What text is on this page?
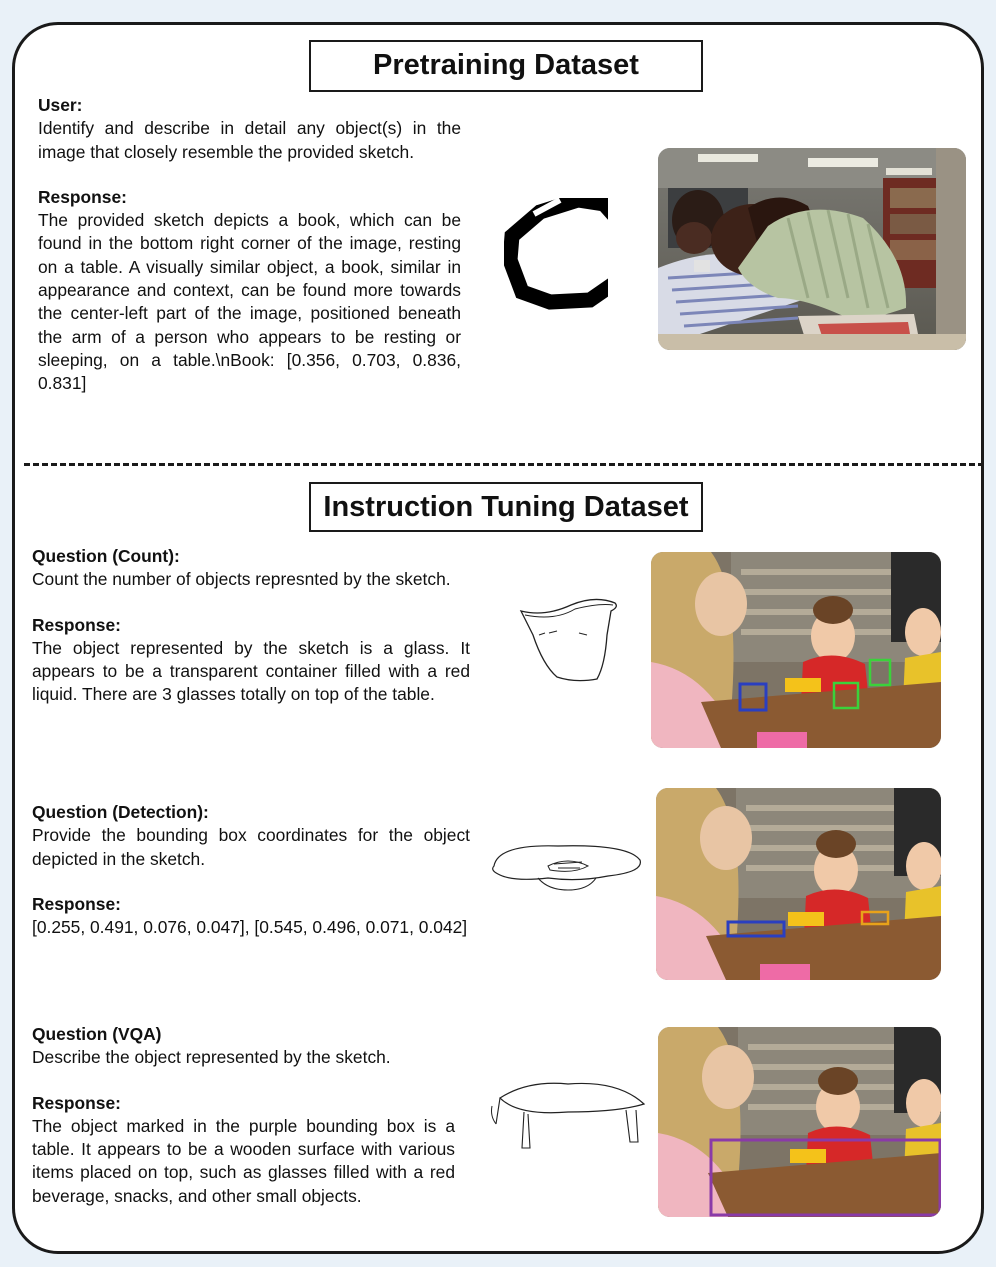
Pretraining Dataset
User:
Identify and describe in detail any object(s) in the image that closely resemble the provided sketch.
Response:
The provided sketch depicts a book, which can be found in the bottom right corner of the image, resting on a table. A visually similar object, a book, similar in appearance and context, can be found more towards the center-left part of the image, positioned beneath the arm of a person who appears to be resting or sleeping, on a table.\nBook: [0.356, 0.703, 0.836, 0.831]
Instruction Tuning Dataset
Question (Count):
Count the number of objects represnted by the sketch.
Response:
The object represented by the sketch is a glass. It appears to be a transparent container filled with a red liquid. There are 3 glasses totally on top of the table.
Question (Detection):
Provide the bounding box coordinates for the object depicted in the sketch.
Response:
[0.255, 0.491, 0.076, 0.047], [0.545, 0.496, 0.071, 0.042]
Question (VQA)
Describe the object represented by the sketch.
Response:
The object marked in the purple bounding box is a table. It appears to be a wooden surface with various items placed on top, such as glasses filled with a red beverage, snacks, and other small objects.
